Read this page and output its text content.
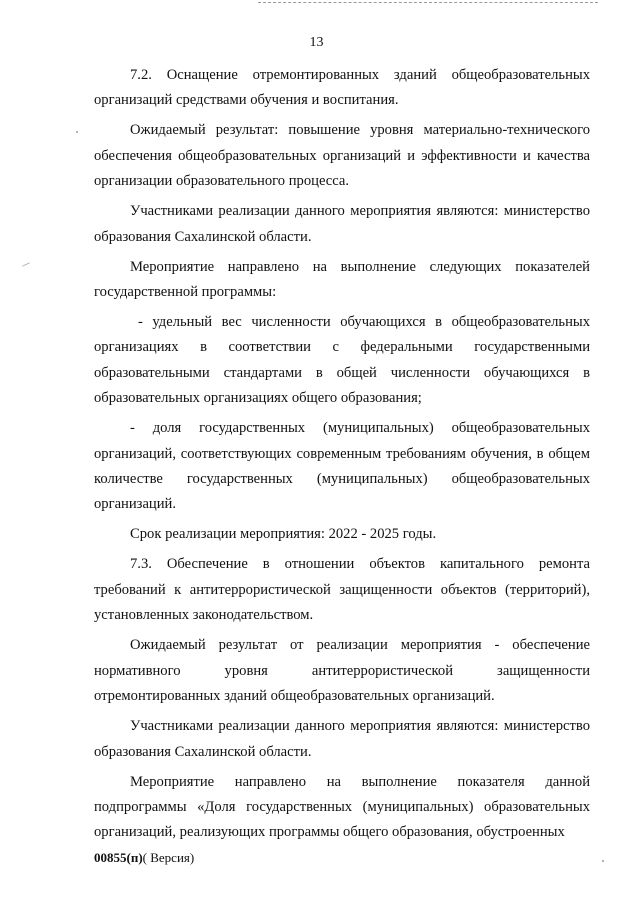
13

7.2. Оснащение отремонтированных зданий общеобразовательных организаций средствами обучения и воспитания.

Ожидаемый результат: повышение уровня материально-технического обеспечения общеобразовательных организаций и эффективности и качества организации образовательного процесса.

Участниками реализации данного мероприятия являются: министерство образования Сахалинской области.

Мероприятие направлено на выполнение следующих показателей государственной программы:

- удельный вес численности обучающихся в общеобразовательных организациях в соответствии с федеральными государственными образовательными стандартами в общей численности обучающихся в образовательных организациях общего образования;

- доля государственных (муниципальных) общеобразовательных организаций, соответствующих современным требованиям обучения, в общем количестве государственных (муниципальных) общеобразовательных организаций.

Срок реализации мероприятия: 2022 - 2025 годы.

7.3. Обеспечение в отношении объектов капитального ремонта требований к антитеррористической защищенности объектов (территорий), установленных законодательством.

Ожидаемый результат от реализации мероприятия - обеспечение нормативного уровня антитеррористической защищенности отремонтированных зданий общеобразовательных организаций.

Участниками реализации данного мероприятия являются: министерство образования Сахалинской области.

Мероприятие направлено на выполнение показателя данной подпрограммы «Доля государственных (муниципальных) образовательных организаций, реализующих программы общего образования, обустроенных

00855(п)( Версия)
